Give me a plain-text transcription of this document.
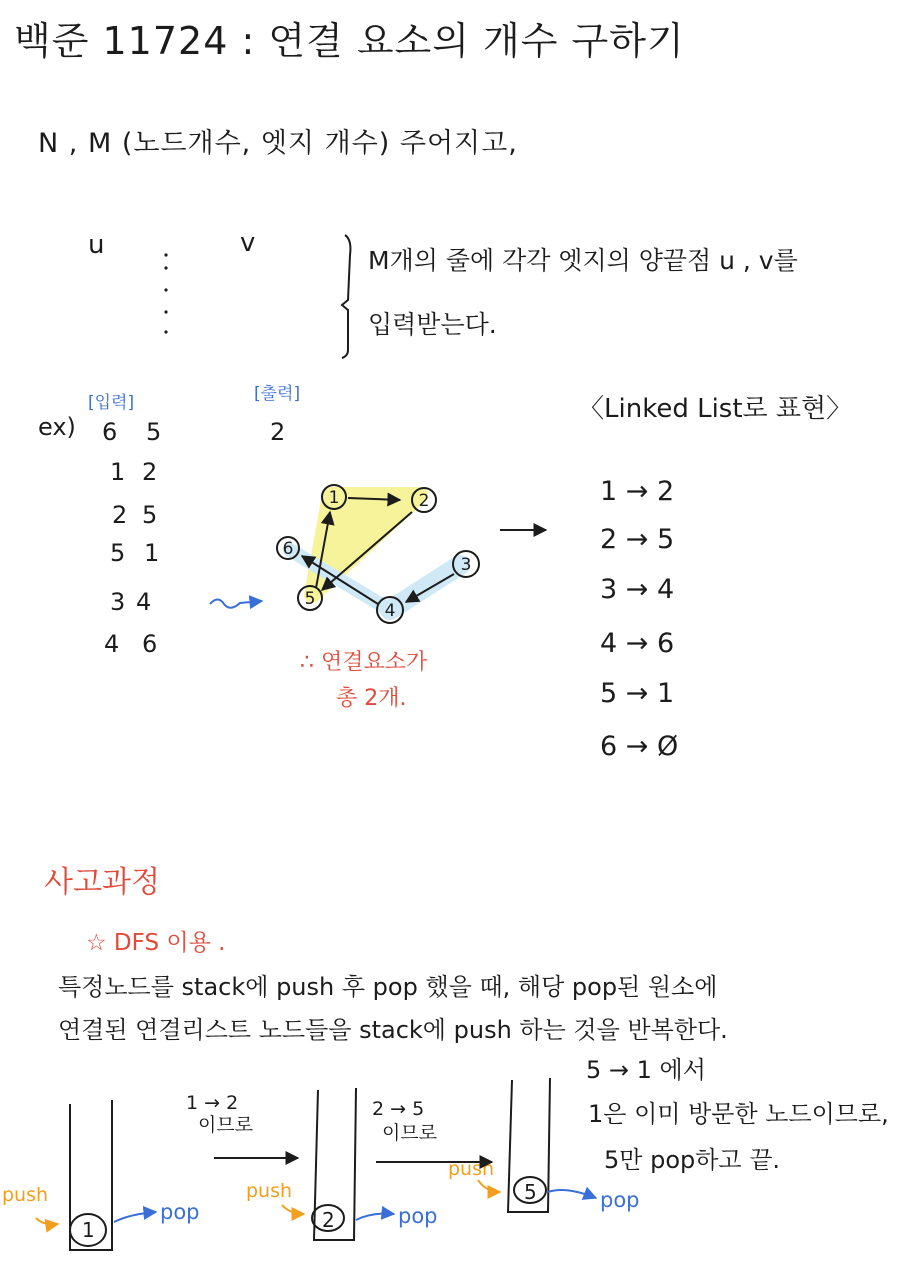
백준 11724 : 연결 요소의 개수 구하기
N , M (노드개수, 엣지 개수) 주어지고,
u	v
M개의 줄에 각각 엣지의 양끝점 u , v를
입력받는다.
[입력]	[출력]
ex)	2
6 5
1 2
2 5
5 1
3 4
4 6
∴ 연결요소가
총 2개.
〈Linked List로 표현〉
1 → 2
2 → 5
3 → 4
4 → 6
5 → 1
6 → Ø
사고과정
☆ DFS 이용 .
특정노드를 stack에 push 후 pop 했을 때, 해당 pop된 원소에
연결된 연결리스트 노드들을 stack에 push 하는 것을 반복한다.
1 → 2
이므로
2 → 5
이므로
5 → 1 에서
1은 이미 방문한 노드이므로,
5만 pop하고 끝.
push	push
push
pop	pop
pop
1	2
5
1	2
3
4
5
6
